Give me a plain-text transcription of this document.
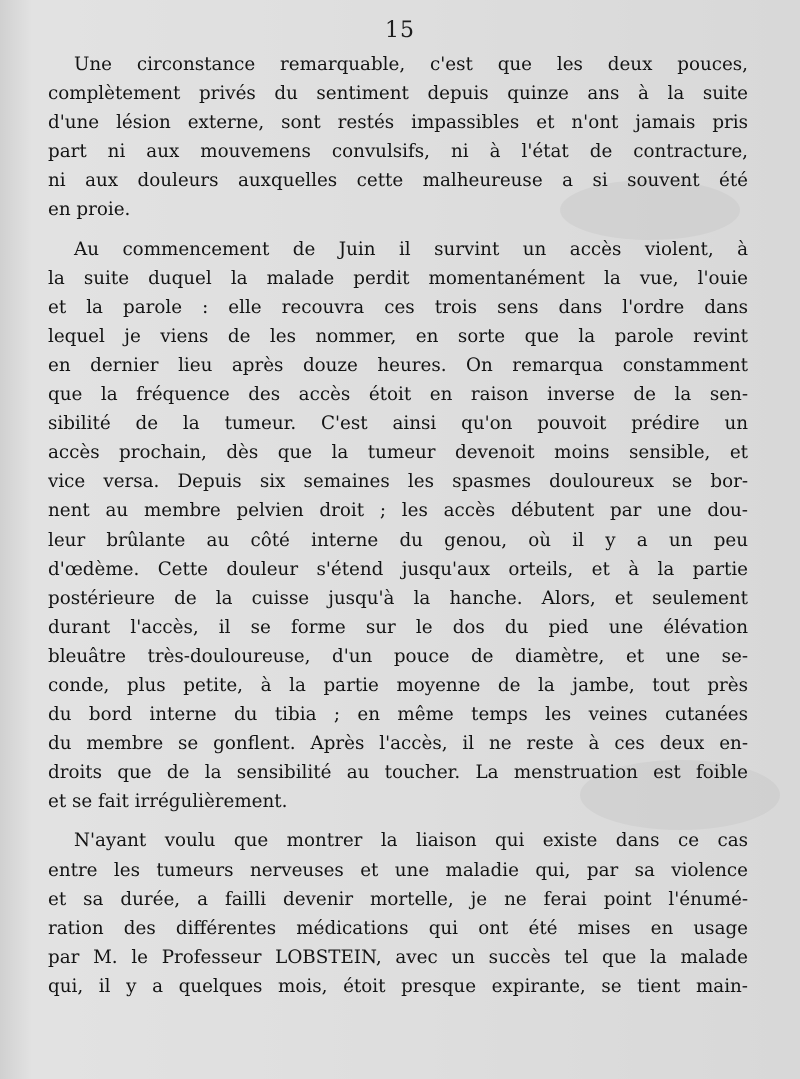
15
Une circonstance remarquable, c'est que les deux pouces,
complètement privés du sentiment depuis quinze ans à la suite
d'une lésion externe, sont restés impassibles et n'ont jamais pris
part ni aux mouvemens convulsifs, ni à l'état de contracture,
ni aux douleurs auxquelles cette malheureuse a si souvent été
en proie.
Au commencement de Juin il survint un accès violent, à
la suite duquel la malade perdit momentanément la vue, l'ouie
et la parole : elle recouvra ces trois sens dans l'ordre dans
lequel je viens de les nommer, en sorte que la parole revint
en dernier lieu après douze heures. On remarqua constamment
que la fréquence des accès étoit en raison inverse de la sen-
sibilité de la tumeur. C'est ainsi qu'on pouvoit prédire un
accès prochain, dès que la tumeur devenoit moins sensible, et
vice versa. Depuis six semaines les spasmes douloureux se bor-
nent au membre pelvien droit ; les accès débutent par une dou-
leur brûlante au côté interne du genou, où il y a un peu
d'œdème. Cette douleur s'étend jusqu'aux orteils, et à la partie
postérieure de la cuisse jusqu'à la hanche. Alors, et seulement
durant l'accès, il se forme sur le dos du pied une élévation
bleuâtre très-douloureuse, d'un pouce de diamètre, et une se-
conde, plus petite, à la partie moyenne de la jambe, tout près
du bord interne du tibia ; en même temps les veines cutanées
du membre se gonflent. Après l'accès, il ne reste à ces deux en-
droits que de la sensibilité au toucher. La menstruation est foible
et se fait irrégulièrement.
N'ayant voulu que montrer la liaison qui existe dans ce cas
entre les tumeurs nerveuses et une maladie qui, par sa violence
et sa durée, a failli devenir mortelle, je ne ferai point l'énumé-
ration des différentes médications qui ont été mises en usage
par M. le Professeur LOBSTEIN, avec un succès tel que la malade
qui, il y a quelques mois, étoit presque expirante, se tient main-
